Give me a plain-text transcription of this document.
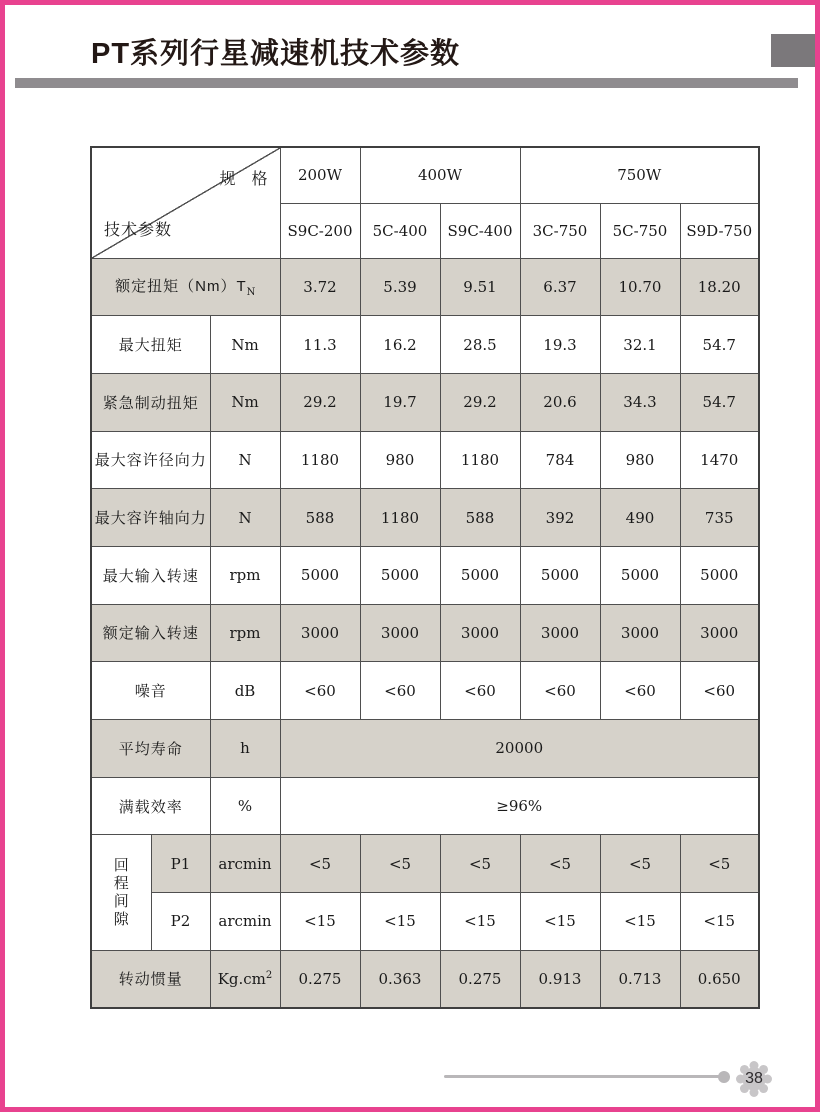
PT系列行星减速机技术参数
规　格
技术参数			200W	400W		750W		
			S9C-200	5C-400	S9C-400	3C-750	5C-750	S9D-750
额定扭矩$(Nm)T_N$			3.72	5.39	9.51	6.37	10.70	18.20
最大扭矩		Nm	11.3	16.2	28.5	19.3	32.1	54.7
紧急制动扭矩		Nm	29.2	19.7	29.2	20.6	34.3	54.7
最大容许径向力		N	1180	980	1180	784	980	1470
最大容许轴向力		N	588	1180	588	392	490	735
最大输入转速		rpm	5000	5000	5000	5000	5000	5000
额定输入转速		rpm	3000	3000	3000	3000	3000	3000
噪音		dB	<60	<60	<60	<60	<60	<60
平均寿命		h	20000					
满载效率		%	≥96%					
回程间隙	P1	arcmin	<5	<5	<5	<5	<5	<5
	P2	arcmin	<15	<15	<15	<15	<15	<15
转动惯量		$Kg.cm^2$	0.275	0.363	0.275	0.913	0.713	0.650
38
